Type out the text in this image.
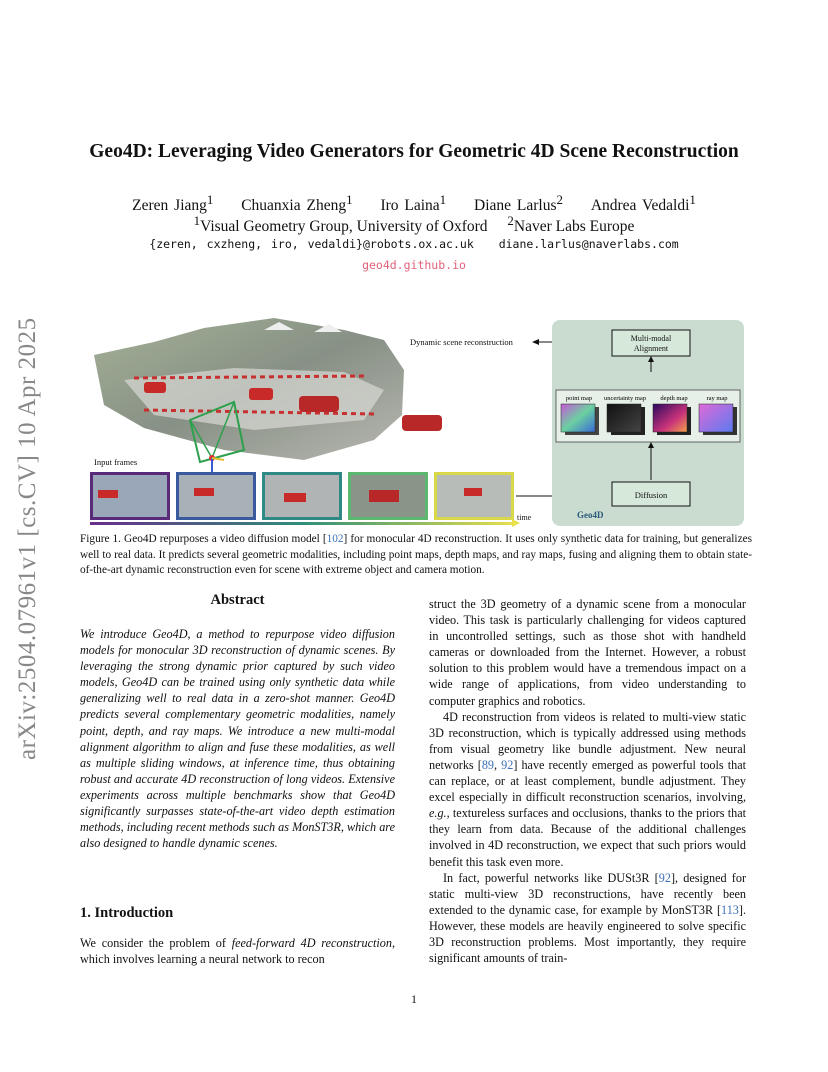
arXiv:2504.07961v1 [cs.CV] 10 Apr 2025
Geo4D: Leveraging Video Generators for Geometric 4D Scene Reconstruction
Zeren Jiang$^1$ Chuanxia Zheng$^1$ Iro Laina$^1$ Diane Larlus$^2$ Andrea Vedaldi$^1$
$^1$Visual Geometry Group, University of Oxford $^2$Naver Labs Europe
{zeren, cxzheng, iro, vedaldi}@robots.ox.ac.uk diane.larlus@naverlabs.com
geo4d.github.io
Dynamic scene reconstruction
Input frames
time
Multi-modal
Alignment
point map uncertainty map depth map	ray map
Diffusion
Geo4D
Figure 1. Geo4D repurposes a video diffusion model [102] for monocular 4D reconstruction. It uses only synthetic data for training, but generalizes well to real data. It predicts several geometric modalities, including point maps, depth maps, and ray maps, fusing and aligning them to obtain state-of-the-art dynamic reconstruction even for scene with extreme object and camera motion.
Abstract
We introduce Geo4D, a method to repurpose video diffusion models for monocular 3D reconstruction of dynamic scenes. By leveraging the strong dynamic prior captured by such video models, Geo4D can be trained using only synthetic data while generalizing well to real data in a zero-shot manner. Geo4D predicts several complementary geometric modalities, namely point, depth, and ray maps. We introduce a new multi-modal alignment algorithm to align and fuse these modalities, as well as multiple sliding windows, at inference time, thus obtaining robust and accurate 4D reconstruction of long videos. Extensive experiments across multiple benchmarks show that Geo4D significantly surpasses state-of-the-art video depth estimation methods, including recent methods such as MonST3R, which are also designed to handle dynamic scenes.
1. Introduction

We consider the problem of feed-forward 4D reconstruction, which involves learning a neural network to recon

struct the 3D geometry of a dynamic scene from a monocular video. This task is particularly challenging for videos captured in uncontrolled settings, such as those shot with handheld cameras or downloaded from the Internet. However, a robust solution to this problem would have a tremendous impact on a wide range of applications, from video understanding to computer graphics and robotics.

4D reconstruction from videos is related to multi-view static 3D reconstruction, which is typically addressed using methods from visual geometry like bundle adjustment. New neural networks [89, 92] have recently emerged as powerful tools that can replace, or at least complement, bundle adjustment. They excel especially in difficult reconstruction scenarios, involving, e.g., textureless surfaces and occlusions, thanks to the priors that they learn from data. Because of the additional challenges involved in 4D reconstruction, we expect that such priors would benefit this task even more.

In fact, powerful networks like DUSt3R [92], designed for static multi-view 3D reconstructions, have recently been extended to the dynamic case, for example by MonST3R [113]. However, these models are heavily engineered to solve specific 3D reconstruction problems. Most importantly, they require significant amounts of train-

1
